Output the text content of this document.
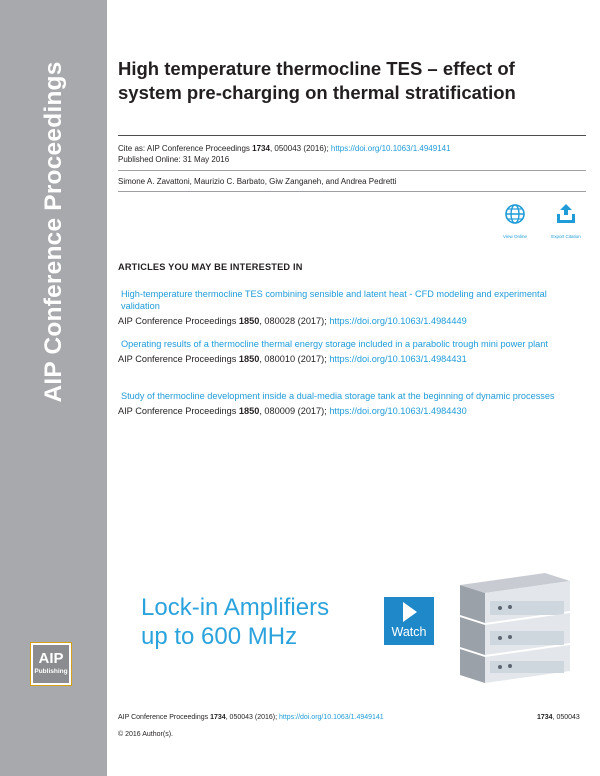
AIP Conference Proceedings
AIP
Publishing
High temperature thermocline TES – effect of system pre-charging on thermal stratification
Cite as: AIP Conference Proceedings 1734, 050043 (2016); https://doi.org/10.1063/1.4949141
Published Online: 31 May 2016
Simone A. Zavattoni, Maurizio C. Barbato, Giw Zanganeh, and Andrea Pedretti
View Online	Export Citation
ARTICLES YOU MAY BE INTERESTED IN
High-temperature thermocline TES combining sensible and latent heat - CFD modeling and experimental validation
AIP Conference Proceedings 1850, 080028 (2017); https://doi.org/10.1063/1.4984449
Operating results of a thermocline thermal energy storage included in a parabolic trough mini power plant
AIP Conference Proceedings 1850, 080010 (2017); https://doi.org/10.1063/1.4984431
Study of thermocline development inside a dual-media storage tank at the beginning of dynamic processes
AIP Conference Proceedings 1850, 080009 (2017); https://doi.org/10.1063/1.4984430
Lock-in Amplifiers
up to 600 MHz	Watch
AIP Conference Proceedings 1734, 050043 (2016); https://doi.org/10.1063/1.4949141	1734, 050043
© 2016 Author(s).
